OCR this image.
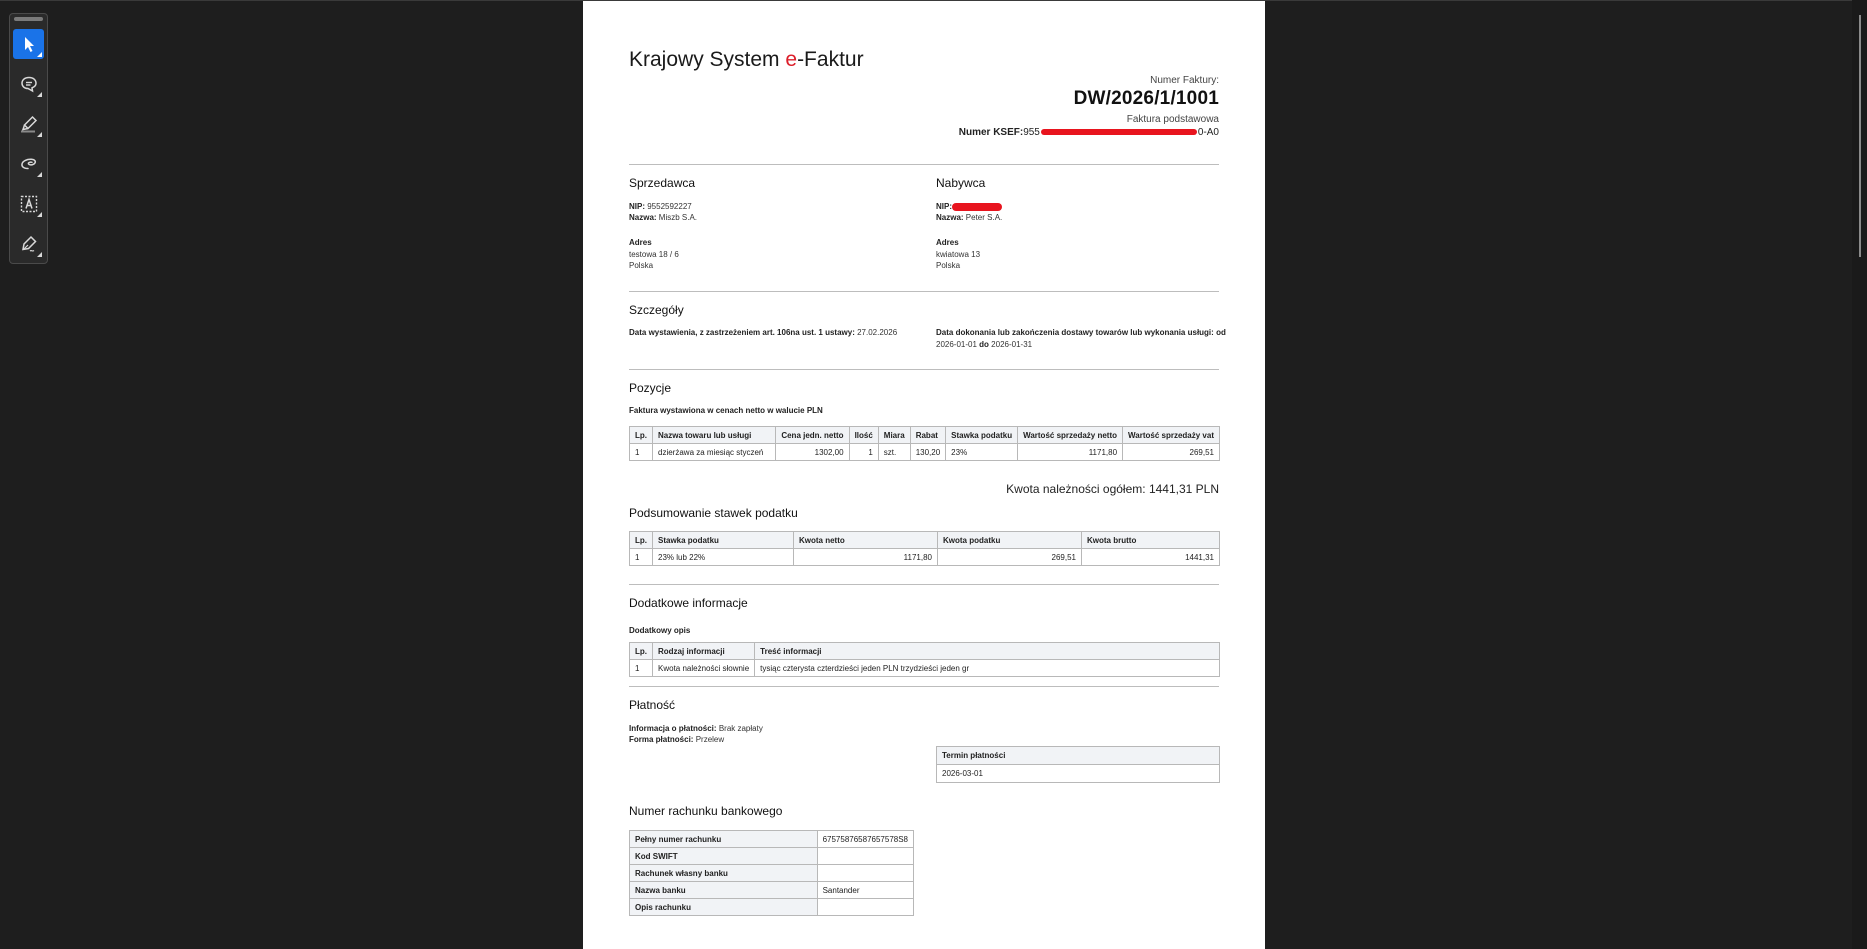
Krajowy System e-Faktur
Numer Faktury:
DW/2026/1/1001
Faktura podstawowa
Numer KSEF:955	0-A0
Sprzedawca
NIP: 9552592227
Nazwa: Miszb S.A.
Adres
testowa 18 / 6
Polska
Nabywca
NIP:
Nazwa: Peter S.A.
Adres
kwiatowa 13
Polska
Szczegóły
Data wystawienia, z zastrzeżeniem art. 106na ust. 1 ustawy: 27.02.2026	Data dokonania lub zakończenia dostawy towarów lub wykonania usługi: od
2026-01-01 do 2026-01-31
Pozycje
Faktura wystawiona w cenach netto w walucie PLN
Lp.	Nazwa towaru lub usługi	Cena jedn. netto	Ilość	Miara	Rabat	Stawka podatku	Wartość sprzedaży netto	Wartość sprzedaży vat
1	dzierżawa za miesiąc styczeń	1302,00	1	szt.	130,20	23%	1171,80	269,51
Kwota należności ogółem: 1441,31 PLN
Podsumowanie stawek podatku
Lp.	Stawka podatku	Kwota netto	Kwota podatku	Kwota brutto
1	23% lub 22%	1171,80	269,51	1441,31
Dodatkowe informacje
Dodatkowy opis
Lp.	Rodzaj informacji	Treść informacji
1	Kwota należności słownie	tysiąc czterysta czterdzieści jeden PLN trzydzieści jeden gr
Płatność
Informacja o płatności: Brak zapłaty
Forma płatności: Przelew
Termin płatności
2026-03-01
Numer rachunku bankowego
Pełny numer rachunku	67575876587657578S8
Kod SWIFT	
Rachunek własny banku	
Nazwa banku	Santander
Opis rachunku	
